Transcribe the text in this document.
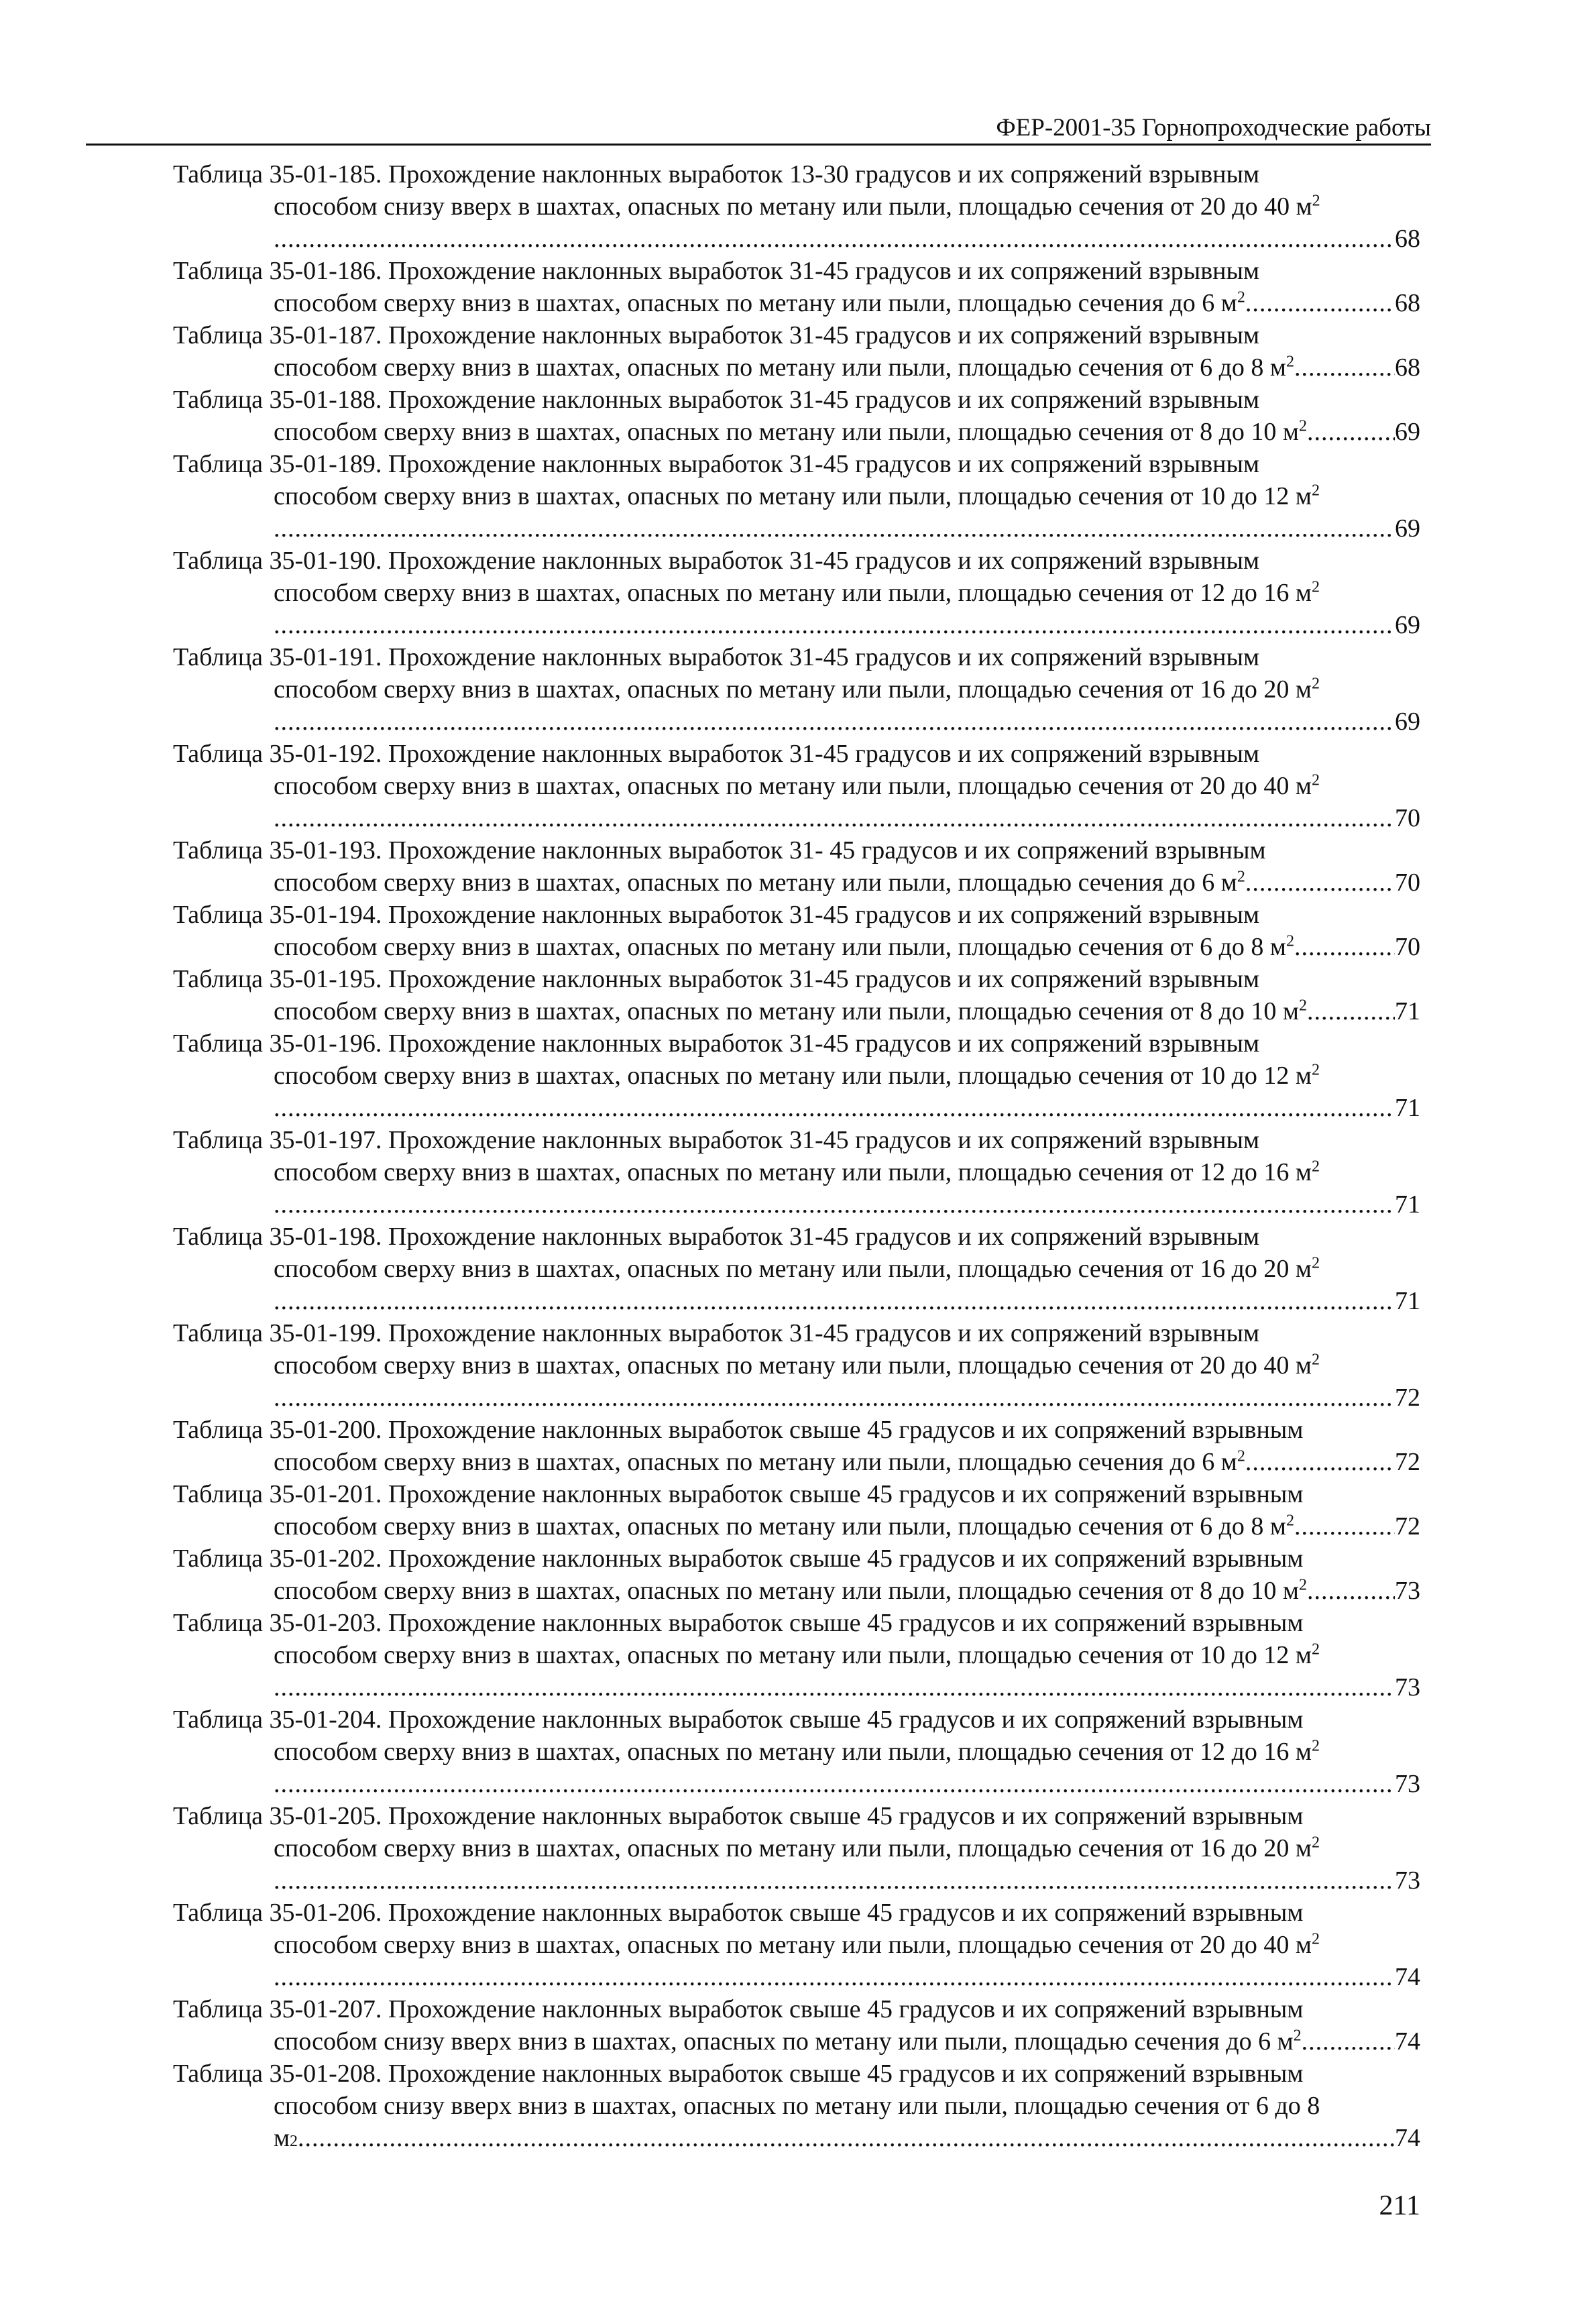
ФЕР-2001-35 Горнопроходческие работы
Таблица 35-01-185. Прохождение наклонных выработок 13-30 градусов и их сопряжений взрывным
способом снизу вверх в шахтах, опасных по метану или пыли, площадью сечения от 20 до 40 $м^2$
.....
68
Таблица 35-01-186. Прохождение наклонных выработок 31-45 градусов и их сопряжений взрывным
способом сверху вниз в шахтах, опасных по метану или пыли, площадью сечения до 6 $м^2$ .....	68
Таблица 35-01-187. Прохождение наклонных выработок 31-45 градусов и их сопряжений взрывным
способом сверху вниз в шахтах, опасных по метану или пыли, площадью сечения от 6 до 8 $м^2$ .....	68
Таблица 35-01-188. Прохождение наклонных выработок 31-45 градусов и их сопряжений взрывным
способом сверху вниз в шахтах, опасных по метану или пыли, площадью сечения от 8 до 10 $м^2$ .....	69
Таблица 35-01-189. Прохождение наклонных выработок 31-45 градусов и их сопряжений взрывным
способом сверху вниз в шахтах, опасных по метану или пыли, площадью сечения от 10 до 12 $м^2$
.....
69
Таблица 35-01-190. Прохождение наклонных выработок 31-45 градусов и их сопряжений взрывным
способом сверху вниз в шахтах, опасных по метану или пыли, площадью сечения от 12 до 16 $м^2$
.....
69
Таблица 35-01-191. Прохождение наклонных выработок 31-45 градусов и их сопряжений взрывным
способом сверху вниз в шахтах, опасных по метану или пыли, площадью сечения от 16 до 20 $м^2$
.....
69
Таблица 35-01-192. Прохождение наклонных выработок 31-45 градусов и их сопряжений взрывным
способом сверху вниз в шахтах, опасных по метану или пыли, площадью сечения от 20 до 40 $м^2$
.....
70
Таблица 35-01-193. Прохождение наклонных выработок 31- 45 градусов и их сопряжений взрывным
способом сверху вниз в шахтах, опасных по метану или пыли, площадью сечения до 6 $м^2$ .....	70
Таблица 35-01-194. Прохождение наклонных выработок 31-45 градусов и их сопряжений взрывным
способом сверху вниз в шахтах, опасных по метану или пыли, площадью сечения от 6 до 8 $м^2$ .....	70
Таблица 35-01-195. Прохождение наклонных выработок 31-45 градусов и их сопряжений взрывным
способом сверху вниз в шахтах, опасных по метану или пыли, площадью сечения от 8 до 10 $м^2$ .....	71
Таблица 35-01-196. Прохождение наклонных выработок 31-45 градусов и их сопряжений взрывным
способом сверху вниз в шахтах, опасных по метану или пыли, площадью сечения от 10 до 12 $м^2$
.....
71
Таблица 35-01-197. Прохождение наклонных выработок 31-45 градусов и их сопряжений взрывным
способом сверху вниз в шахтах, опасных по метану или пыли, площадью сечения от 12 до 16 $м^2$
.....
71
Таблица 35-01-198. Прохождение наклонных выработок 31-45 градусов и их сопряжений взрывным
способом сверху вниз в шахтах, опасных по метану или пыли, площадью сечения от 16 до 20 $м^2$
.....
71
Таблица 35-01-199. Прохождение наклонных выработок 31-45 градусов и их сопряжений взрывным
способом сверху вниз в шахтах, опасных по метану или пыли, площадью сечения от 20 до 40 $м^2$
.....
72
Таблица 35-01-200. Прохождение наклонных выработок свыше 45 градусов и их сопряжений взрывным
способом сверху вниз в шахтах, опасных по метану или пыли, площадью сечения до 6 $м^2$ .....	72
Таблица 35-01-201. Прохождение наклонных выработок свыше 45 градусов и их сопряжений взрывным
способом сверху вниз в шахтах, опасных по метану или пыли, площадью сечения от 6 до 8 $м^2$ .....	72
Таблица 35-01-202. Прохождение наклонных выработок свыше 45 градусов и их сопряжений взрывным
способом сверху вниз в шахтах, опасных по метану или пыли, площадью сечения от 8 до 10 $м^2$ .....	73
Таблица 35-01-203. Прохождение наклонных выработок свыше 45 градусов и их сопряжений взрывным
способом сверху вниз в шахтах, опасных по метану или пыли, площадью сечения от 10 до 12 $м^2$
.....
73
Таблица 35-01-204. Прохождение наклонных выработок свыше 45 градусов и их сопряжений взрывным
способом сверху вниз в шахтах, опасных по метану или пыли, площадью сечения от 12 до 16 $м^2$
.....
73
Таблица 35-01-205. Прохождение наклонных выработок свыше 45 градусов и их сопряжений взрывным
способом сверху вниз в шахтах, опасных по метану или пыли, площадью сечения от 16 до 20 $м^2$
.....
73
Таблица 35-01-206. Прохождение наклонных выработок свыше 45 градусов и их сопряжений взрывным
способом сверху вниз в шахтах, опасных по метану или пыли, площадью сечения от 20 до 40 $м^2$
.....
74
Таблица 35-01-207. Прохождение наклонных выработок свыше 45 градусов и их сопряжений взрывным
способом снизу вверх вниз в шахтах, опасных по метану или пыли, площадью сечения до 6 $м^2$ .....	74
Таблица 35-01-208. Прохождение наклонных выработок свыше 45 градусов и их сопряжений взрывным
способом снизу вверх вниз в шахтах, опасных по метану или пыли, площадью сечения от 6 до 8
м 2 .....	74
211
